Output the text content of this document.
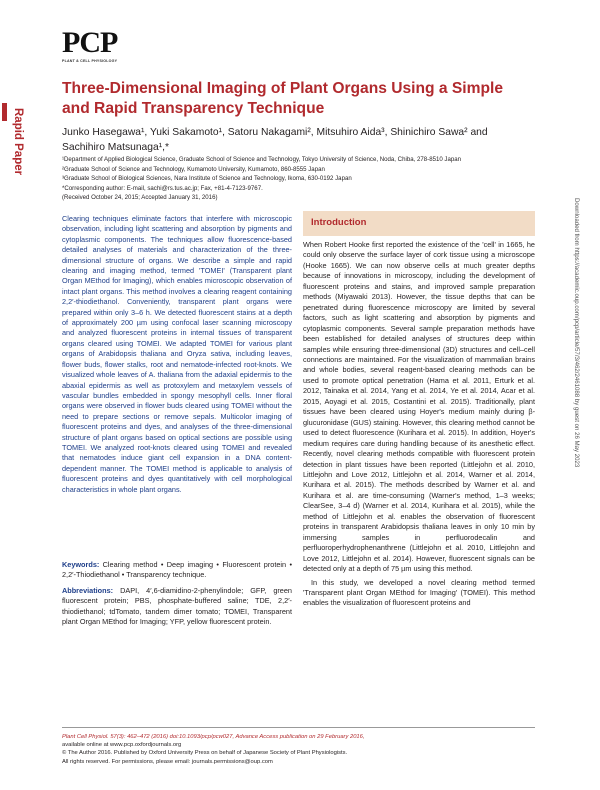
PCP
PLANT & CELL PHYSIOLOGY
Rapid Paper
Three-Dimensional Imaging of Plant Organs Using a Simple and Rapid Transparency Technique
Junko Hasegawa¹, Yuki Sakamoto¹, Satoru Nakagami², Mitsuhiro Aida³, Shinichiro Sawa² and Sachihiro Matsunaga¹,*
¹Department of Applied Biological Science, Graduate School of Science and Technology, Tokyo University of Science, Noda, Chiba, 278-8510 Japan
²Graduate School of Science and Technology, Kumamoto University, Kumamoto, 860-8555 Japan
³Graduate School of Biological Sciences, Nara Institute of Science and Technology, Ikoma, 630-0192 Japan
*Corresponding author: E-mail, sachi@rs.tus.ac.jp; Fax, +81-4-7123-9767.
(Received October 24, 2015; Accepted January 31, 2016)
Clearing techniques eliminate factors that interfere with microscopic observation, including light scattering and absorption by pigments and cytoplasmic components. The techniques allow fluorescence-based detailed analyses of materials and characterization of the three-dimensional structure of organs. We describe a simple and rapid clearing and imaging method, termed 'TOMEI' (Transparent plant Organ MEthod for Imaging), which enables microscopic observation of intact plant organs. This method involves a clearing reagent containing 2,2′-thiodiethanol. Conveniently, transparent plant organs were prepared within only 3–6 h. We detected fluorescent stains at a depth of approximately 200 µm using confocal laser scanning microscopy and analyzed fluorescent proteins in internal tissues of transparent organs cleared using TOMEI. We adapted TOMEI for various plant organs of Arabidopsis thaliana and Oryza sativa, including leaves, flower buds, flower stalks, root and nematode-infected root-knots. We visualized whole leaves of A. thaliana from the adaxial epidermis to the abaxial epidermis as well as protoxylem and metaxylem vessels of vascular bundles embedded in spongy mesophyll cells. Inner floral organs were observed in flower buds cleared using TOMEI without the need to prepare sections or remove sepals. Multicolor imaging of fluorescent proteins and dyes, and analyses of the three-dimensional structure of plant organs based on optical sections are possible using TOMEI. We analyzed root-knots cleared using TOMEI and revealed that nematodes induce giant cell expansion in a DNA content-dependent manner. The TOMEI method is applicable to analysis of fluorescent proteins and dyes quantitatively with cell morphological characteristics in whole plant organs.
Keywords: Clearing method • Deep imaging • Fluorescent protein • 2,2′-Thiodiethanol • Transparency technique.
Abbreviations: DAPI, 4′,6-diamidino-2-phenylindole; GFP, green fluorescent protein; PBS, phosphate-buffered saline; TDE, 2,2′-thiodiethanol; tdTomato, tandem dimer tomato; TOMEI, Transparent plant Organ MEthod for Imaging; YFP, yellow fluorescent protein.
Introduction

When Robert Hooke first reported the existence of the 'cell' in 1665, he could only observe the surface layer of cork tissue using a microscope (Hooke 1665). We can now observe cells at much greater depths because of innovations in microscopy, including the development of fluorescent proteins and stains, and improved sample preparation methods (Miyawaki 2013). However, the tissue depths that can be penetrated during fluorescence microscopy are limited by several factors, such as light scattering and absorption by pigments and cytoplasmic components. Several sample preparation methods have been established for detailed analyses of structures deep within samples while ensuring three-dimensional (3D) structures and cell–cell connections are maintained. For the visualization of mammalian brains and whole bodies, several reagent-based clearing methods can be used to promote optical penetration (Hama et al. 2011, Erturk et al. 2012, Tainaka et al. 2014, Yang et al. 2014, Ye et al. 2014, Acar et al. 2015, Aoyagi et al. 2015, Costantini et al. 2015). Traditionally, plant tissues have been cleared using Hoyer's medium mainly during β-glucuronidase (GUS) staining. However, this clearing method cannot be used to detect fluorescence (Kurihara et al. 2015). In addition, Hoyer's medium requires care during handling because of its anesthetic effect. Recently, novel clearing methods compatible with fluorescent protein detection in plant tissues have been reported (Littlejohn et al. 2010, Littlejohn and Love 2012, Littlejohn et al. 2014, Warner et al. 2014, Kurihara et al. 2015). The methods described by Warner et al. and Kurihara et al. are time-consuming (Warner's method, 1–3 weeks; ClearSee, 3–4 d) (Warner et al. 2014, Kurihara et al. 2015), while the method of Littlejohn et al. enables the observation of fluorescent proteins in transparent Arabidopsis thaliana leaves in only 10 min by immersing samples in perfluorodecalin and perfluoroperhydrophenanthrene (Littlejohn et al. 2010, Littlejohn and Love 2012, Littlejohn et al. 2014). However, fluorescent signals can be detected only at a depth of 75 µm using this method.

In this study, we developed a novel clearing method termed 'Transparent plant Organ MEthod for Imaging' (TOMEI). This method enables the visualization of fluorescent proteins and

Downloaded from https://academic.oup.com/pcp/article/57/3/462/2461088 by guest on 26 May 2023
Plant Cell Physiol. 57(3): 462–472 (2016) doi:10.1093/pcp/pcw027, Advance Access publication on 29 February 2016,
available online at www.pcp.oxfordjournals.org
© The Author 2016. Published by Oxford University Press on behalf of Japanese Society of Plant Physiologists.
All rights reserved. For permissions, please email: journals.permissions@oup.com
